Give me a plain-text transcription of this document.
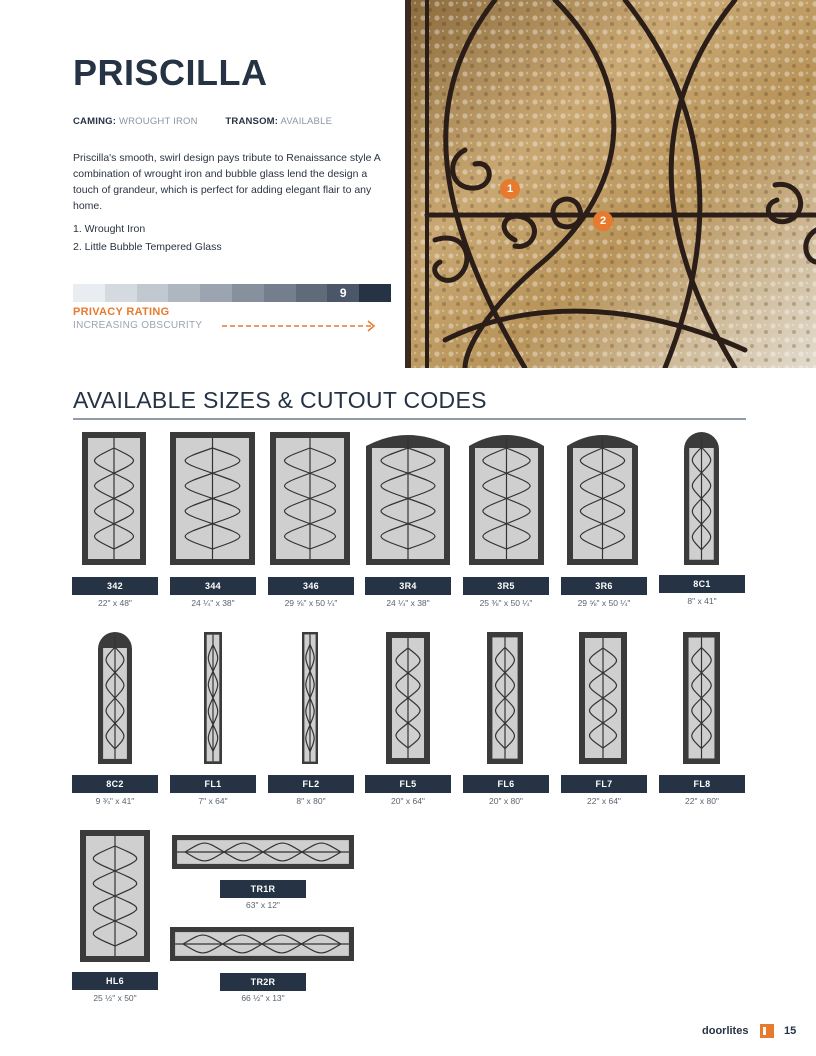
PRISCILLA
CAMING: WROUGHT IRON	TRANSOM: AVAILABLE

Priscilla's smooth, swirl design pays tribute to Renaissance style A combination of wrought iron and bubble glass lend the design a touch of grandeur, which is perfect for adding elegant flair to any home.

1. Wrought Iron
2. Little Bubble Tempered Glass
9
PRIVACY RATING
INCREASING OBSCURITY
1
2
AVAILABLE SIZES & CUTOUT CODES
342
22" x 48"
344
24 ¼" x 38"
346
29 ⅝" x 50 ¼"
3R4
24 ¼" x 38"
3R5
25 ⅜" x 50 ¼"
3R6
29 ⅝" x 50 ¼"
8C1
8" x 41"
8C2
9 ¾" x 41"
FL1
7" x 64"
FL2
8" x 80"
FL5
20" x 64"
FL6
20" x 80"
FL7
22" x 64"
FL8
22" x 80"
HL6
25 ½" x 50"
TR1R
63" x 12"
TR2R
66 ½" x 13"
doorlites	15
